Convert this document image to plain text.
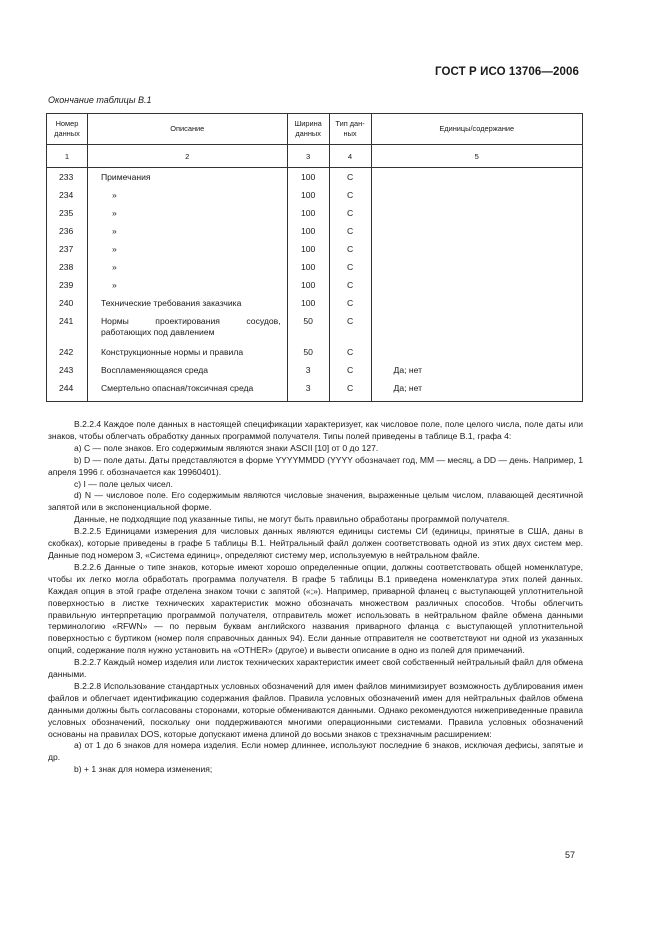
ГОСТ Р ИСО 13706—2006
Окончание таблицы В.1
Номер данных	Описание	Ширина данных	Тип дан- ных	Единицы/содержание
1	2	3	4	5

233	Примечания	100	C	
234	»	100	C	
235	»	100	C	
236	»	100	C	
237	»	100	C	
238	»	100	C	
239	»	100	C	
240	Технические требования заказчика	100	C	
241	Нормы проектирования сосудов, работающих под давлением	50	C	
242	Конструкционные нормы и правила	50	C	
243	Воспламеняющаяся среда	3	C	Да; нет
244	Смертельно опасная/токсичная среда	3	C	Да; нет

В.2.2.4 Каждое поле данных в настоящей спецификации характеризует, как числовое поле, поле целого числа, поле даты или знаков, чтобы облегчать обработку данных программой получателя. Типы полей приведены в таблице В.1, графа 4:

a) С — поле знаков. Его содержимым являются знаки ASCII [10] от 0 до 127.

b) D — поле даты. Даты представляются в форме YYYYMMDD (YYYY обозначает год, ММ — месяц, а DD — день. Например, 1 апреля 1996 г. обозначается как 19960401).

c) I — поле целых чисел.

d) N — числовое поле. Его содержимым являются числовые значения, выраженные целым числом, плавающей десятичной запятой или в экспоненциальной форме.

Данные, не подходящие под указанные типы, не могут быть правильно обработаны программой получателя.

В.2.2.5 Единицами измерения для числовых данных являются единицы системы СИ (единицы, принятые в США, даны в скобках), которые приведены в графе 5 таблицы В.1. Нейтральный файл должен соответствовать одной из этих двух систем мер. Данные под номером 3, «Система единиц», определяют систему мер, используемую в нейтральном файле.

В.2.2.6 Данные о типе знаков, которые имеют хорошо определенные опции, должны соответствовать общей номенклатуре, чтобы их легко могла обработать программа получателя. В графе 5 таблицы В.1 приведена номенклатура этих полей данных. Каждая опция в этой графе отделена знаком точки с запятой («;»). Например, приварной фланец с выступающей уплотнительной поверхностью в листке технических характеристик можно обозначать множеством различных способов. Чтобы облегчить правильную интерпретацию программой получателя, отправитель может использовать в нейтральном файле обмена данными терминологию «RFWN» — по первым буквам английского названия приварного фланца с выступающей уплотнительной поверхностью с буртиком (номер поля справочных данных 94). Если данные отправителя не соответствуют ни одной из указанных опций, содержание поля нужно установить на «OTHER» (другое) и вывести описание в одно из полей для примечаний.

В.2.2.7 Каждый номер изделия или листок технических характеристик имеет свой собственный нейтральный файл для обмена данными.

В.2.2.8 Использование стандартных условных обозначений для имен файлов минимизирует возможность дублирования имен файлов и облегчает идентификацию содержания файлов. Правила условных обозначений имен для нейтральных файлов обмена данными должны быть согласованы сторонами, которые обмениваются данными. Однако рекомендуются нижеприведенные правила условных обозначений, поскольку они поддерживаются многими операционными системами. Правила условных обозначений основаны на правилах DOS, которые допускают имена длиной до восьми знаков с трехзначным расширением:

a) от 1 до 6 знаков для номера изделия. Если номер длиннее, используют последние 6 знаков, исключая дефисы, запятые и др.

b) + 1 знак для номера изменения;

57
